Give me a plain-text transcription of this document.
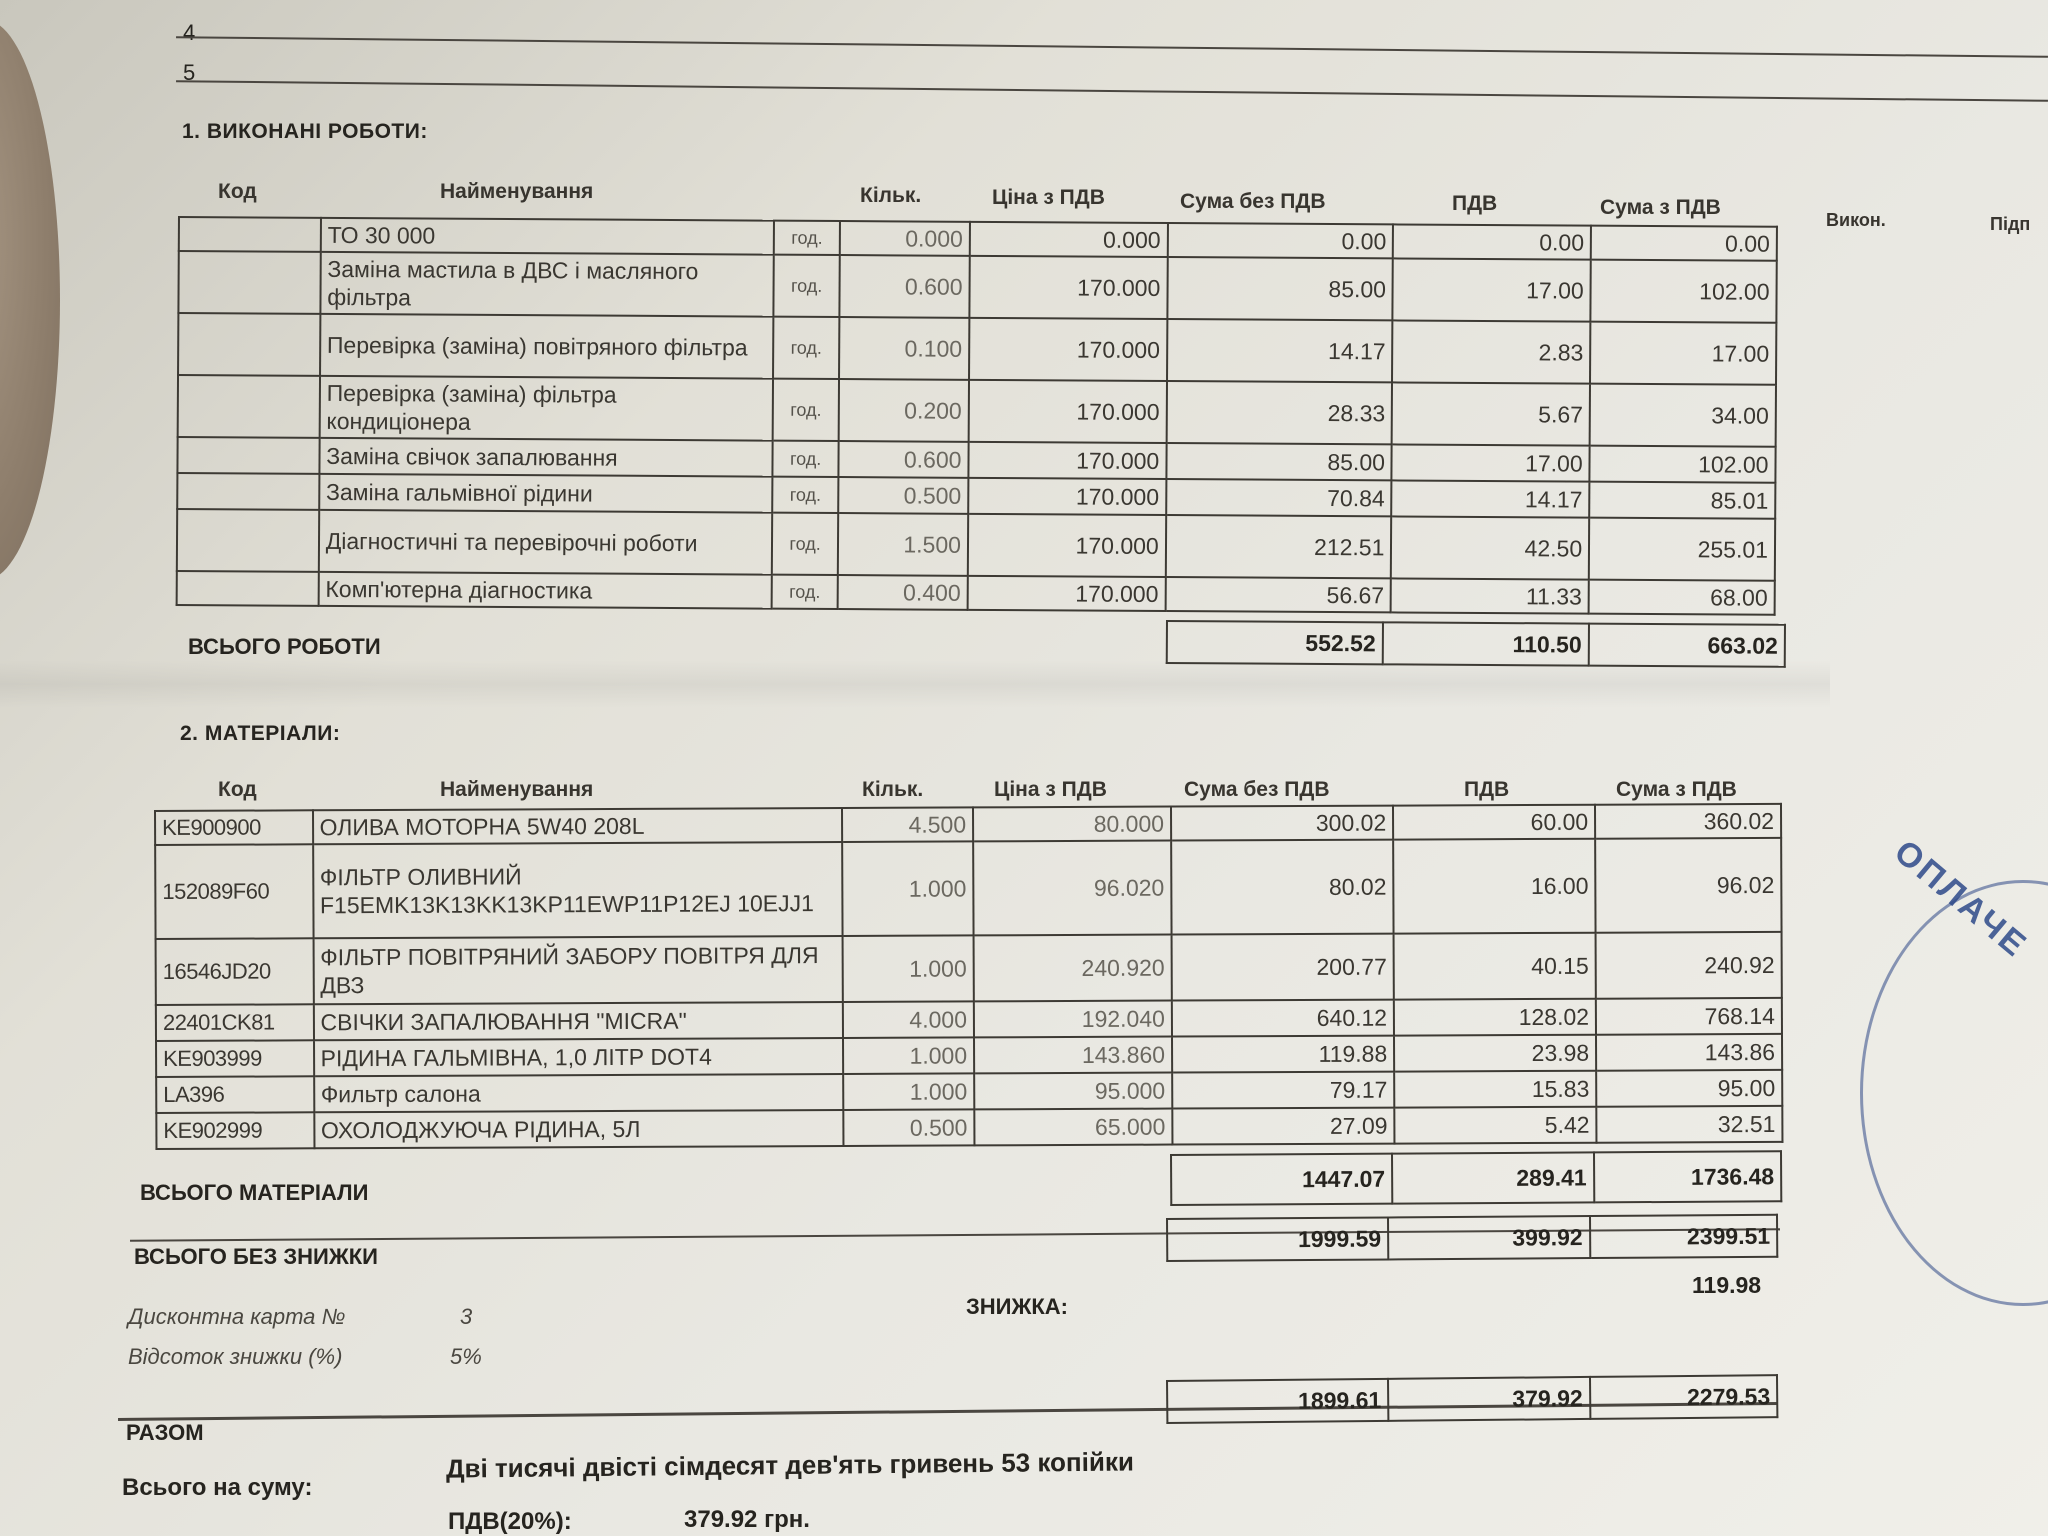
4
5
1. ВИКОНАНІ РОБОТИ:
Код	Найменування	Кільк.	Ціна з ПДВ	Сума без ПДВ	ПДВ	Сума з ПДВ
Викон.	Підп
	ТО 30 000	год.	0.000	0.000	0.00	0.00	0.00
	Заміна мастила в ДВС і масляного фільтра	год.	0.600	170.000	85.00	17.00	102.00
	Перевірка (заміна) повітряного фільтра	год.	0.100	170.000	14.17	2.83	17.00
	Перевірка (заміна) фільтра кондиціонера	год.	0.200	170.000	28.33	5.67	34.00
	Заміна свічок запалювання	год.	0.600	170.000	85.00	17.00	102.00
	Заміна гальмівної рідини	год.	0.500	170.000	70.84	14.17	85.01
	Діагностичні та перевірочні роботи	год.	1.500	170.000	212.51	42.50	255.01
	Комп'ютерна діагностика	год.	0.400	170.000	56.67	11.33	68.00
ВСЬОГО РОБОТИ	552.52	110.50	663.02
2. МАТЕРІАЛИ:
Код	Найменування	Кільк.	Ціна з ПДВ	Сума без ПДВ	ПДВ	Сума з ПДВ
KE900900	ОЛИВА МОТОРНА 5W40 208L	4.500	80.000	300.02	60.00	360.02
152089F60	ФІЛЬТР ОЛИВНИЙ F15EMK13K13KK13KP11EWP11P12EJ 10EJJ1	1.000	96.020	80.02	16.00	96.02
16546JD20	ФІЛЬТР ПОВІТРЯНИЙ ЗАБОРУ ПОВІТРЯ ДЛЯ ДВЗ	1.000	240.920	200.77	40.15	240.92
22401CK81	СВІЧКИ ЗАПАЛЮВАННЯ "MICRA"	4.000	192.040	640.12	128.02	768.14
KE903999	РІДИНА ГАЛЬМІВНА, 1,0 ЛІТР DOT4	1.000	143.860	119.88	23.98	143.86
LA396	Фильтр салона	1.000	95.000	79.17	15.83	95.00
KE902999	ОХОЛОДЖУЮЧА РІДИНА, 5Л	0.500	65.000	27.09	5.42	32.51
ВСЬОГО МАТЕРІАЛИ
1447.07	289.41	1736.48
ВСЬОГО БЕЗ ЗНИЖКИ
1999.59	399.92	2399.51
Дисконтна карта №	3
Відсоток знижки (%)	5%
ЗНИЖКА:
119.98
РАЗОМ
1899.61	379.92	2279.53
Всього на суму:
Дві тисячі двісті сімдесят дев'ять гривень 53 копійки
ПДВ(20%):	379.92 грн.
ОПЛАЧЕ
